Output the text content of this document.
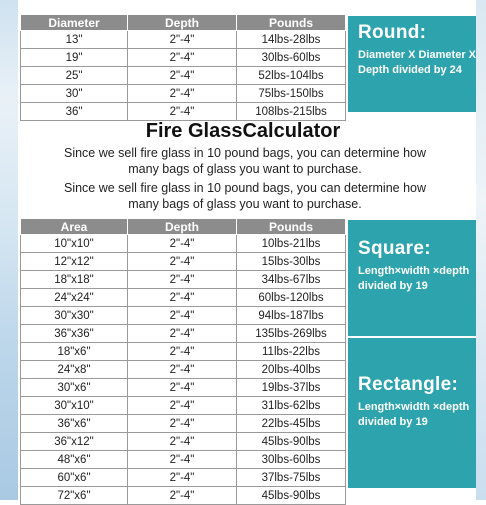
Diameter	Depth	Pounds
13"	2"-4"	14lbs-28lbs
19"	2"-4"	30lbs-60lbs
25"	2"-4"	52lbs-104lbs
30"	2"-4"	75lbs-150lbs
36"	2"-4"	108lbs-215lbs
Round:
Diameter X Diameter X Depth divided by 24
Fire GlassCalculator
Since we sell fire glass in 10 pound bags, you can determine how many bags of glass you want to purchase.
Since we sell fire glass in 10 pound bags, you can determine how many bags of glass you want to purchase.
Area	Depth	Pounds
10"x10"	2"-4"	10lbs-21lbs
12"x12"	2"-4"	15lbs-30lbs
18"x18"	2"-4"	34lbs-67lbs
24"x24"	2"-4"	60lbs-120lbs
30"x30"	2"-4"	94lbs-187lbs
36"x36"	2"-4"	135lbs-269lbs
18"x6"	2"-4"	11lbs-22lbs
24"x8"	2"-4"	20lbs-40lbs
30"x6"	2"-4"	19lbs-37lbs
30"x10"	2"-4"	31lbs-62lbs
36"x6"	2"-4"	22lbs-45lbs
36"x12"	2"-4"	45lbs-90lbs
48"x6"	2"-4"	30lbs-60lbs
60"x6"	2"-4"	37lbs-75lbs
72"x6"	2"-4"	45lbs-90lbs
Square:
Length×width ×depth divided by 19
Rectangle:
Length×width ×depth divided by 19
